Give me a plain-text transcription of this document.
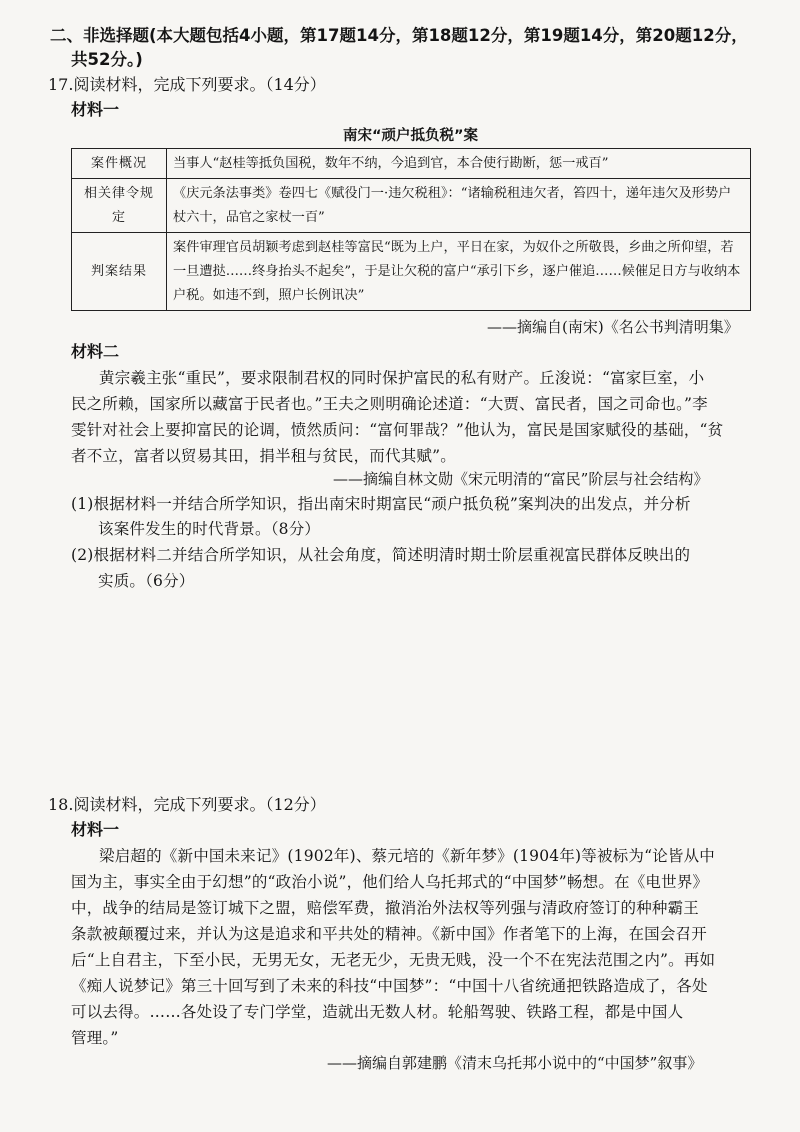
二、非选择题(本大题包括4小题，第17题14分，第18题12分，第19题14分，第20题12分，
共52分。)
17.阅读材料，完成下列要求。（14分）
材料一
南宋“顽户抵负税”案
案件概况	当事人“赵桂等抵负国税，数年不纳，今追到官，本合使行勘断，惩一戒百”
相关律令规定	《庆元条法事类》卷四七《赋役门一·违欠税租》：“诸输税租违欠者，笞四十，递年违欠及形势户杖六十，品官之家杖一百”
判案结果	案件审理官员胡颖考虑到赵桂等富民“既为上户，平日在家，为奴仆之所敬畏，乡曲之所仰望，若一旦遭挞……终身抬头不起矣”，于是让欠税的富户“承引下乡，逐户催追……候催足日方与收纳本户税。如违不到，照户长例讯决”
——摘编自(南宋)《名公书判清明集》
材料二
黄宗羲主张“重民”，要求限制君权的同时保护富民的私有财产。丘浚说：“富家巨室，小
民之所赖，国家所以藏富于民者也。”王夫之则明确论述道：“大贾、富民者，国之司命也。”李
雯针对社会上要抑富民的论调，愤然质问：“富何罪哉？”他认为，富民是国家赋役的基础，“贫
者不立，富者以贸易其田，捐半租与贫民，而代其赋”。
——摘编自林文勋《宋元明清的“富民”阶层与社会结构》
(1)根据材料一并结合所学知识，指出南宋时期富民“顽户抵负税”案判决的出发点，并分析
该案件发生的时代背景。（8分）
(2)根据材料二并结合所学知识，从社会角度，简述明清时期士阶层重视富民群体反映出的
实质。（6分）
18.阅读材料，完成下列要求。（12分）
材料一
梁启超的《新中国未来记》(1902年)、蔡元培的《新年梦》(1904年)等被标为“论皆从中
国为主，事实全由于幻想”的“政治小说”，他们给人乌托邦式的“中国梦”畅想。在《电世界》
中，战争的结局是签订城下之盟，赔偿军费，撤消治外法权等列强与清政府签订的种种霸王
条款被颠覆过来，并认为这是追求和平共处的精神。《新中国》作者笔下的上海，在国会召开
后“上自君主，下至小民，无男无女，无老无少，无贵无贱，没一个不在宪法范围之内”。再如
《痴人说梦记》第三十回写到了未来的科技“中国梦”：“中国十八省统通把铁路造成了，各处
可以去得。……各处设了专门学堂，造就出无数人材。轮船驾驶、铁路工程，都是中国人
管理。”
——摘编自郭建鹏《清末乌托邦小说中的“中国梦”叙事》
